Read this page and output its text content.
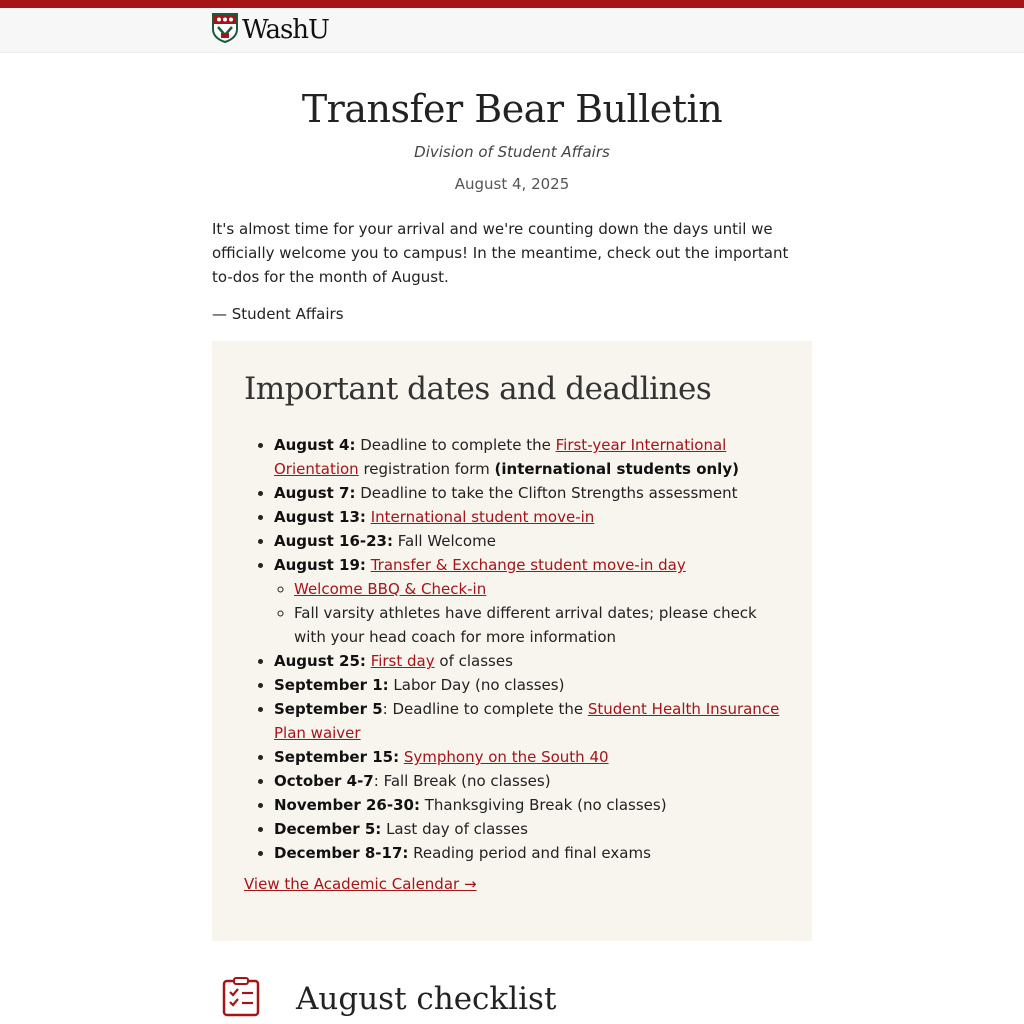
WashU
Transfer Bear Bulletin
Division of Student Affairs
August 4, 2025

It's almost time for your arrival and we're counting down the days until we officially welcome you to campus! In the meantime, check out the important to-dos for the month of August.

— Student Affairs
Important dates and deadlines
• August 4: Deadline to complete the First-year International Orientation registration form (international students only)
• August 7: Deadline to take the Clifton Strengths assessment
• August 13: International student move-in
• August 16-23: Fall Welcome
• August 19: Transfer & Exchange student move-in day
◦ Welcome BBQ & Check-in
◦ Fall varsity athletes have different arrival dates; please check with your head coach for more information
• August 25: First day of classes
• September 1: Labor Day (no classes)
• September 5: Deadline to complete the Student Health Insurance Plan waiver
• September 15: Symphony on the South 40
• October 4-7: Fall Break (no classes)
• November 26-30: Thanksgiving Break (no classes)
• December 5: Last day of classes
• December 8-17: Reading period and final exams
View the Academic Calendar →
August checklist
